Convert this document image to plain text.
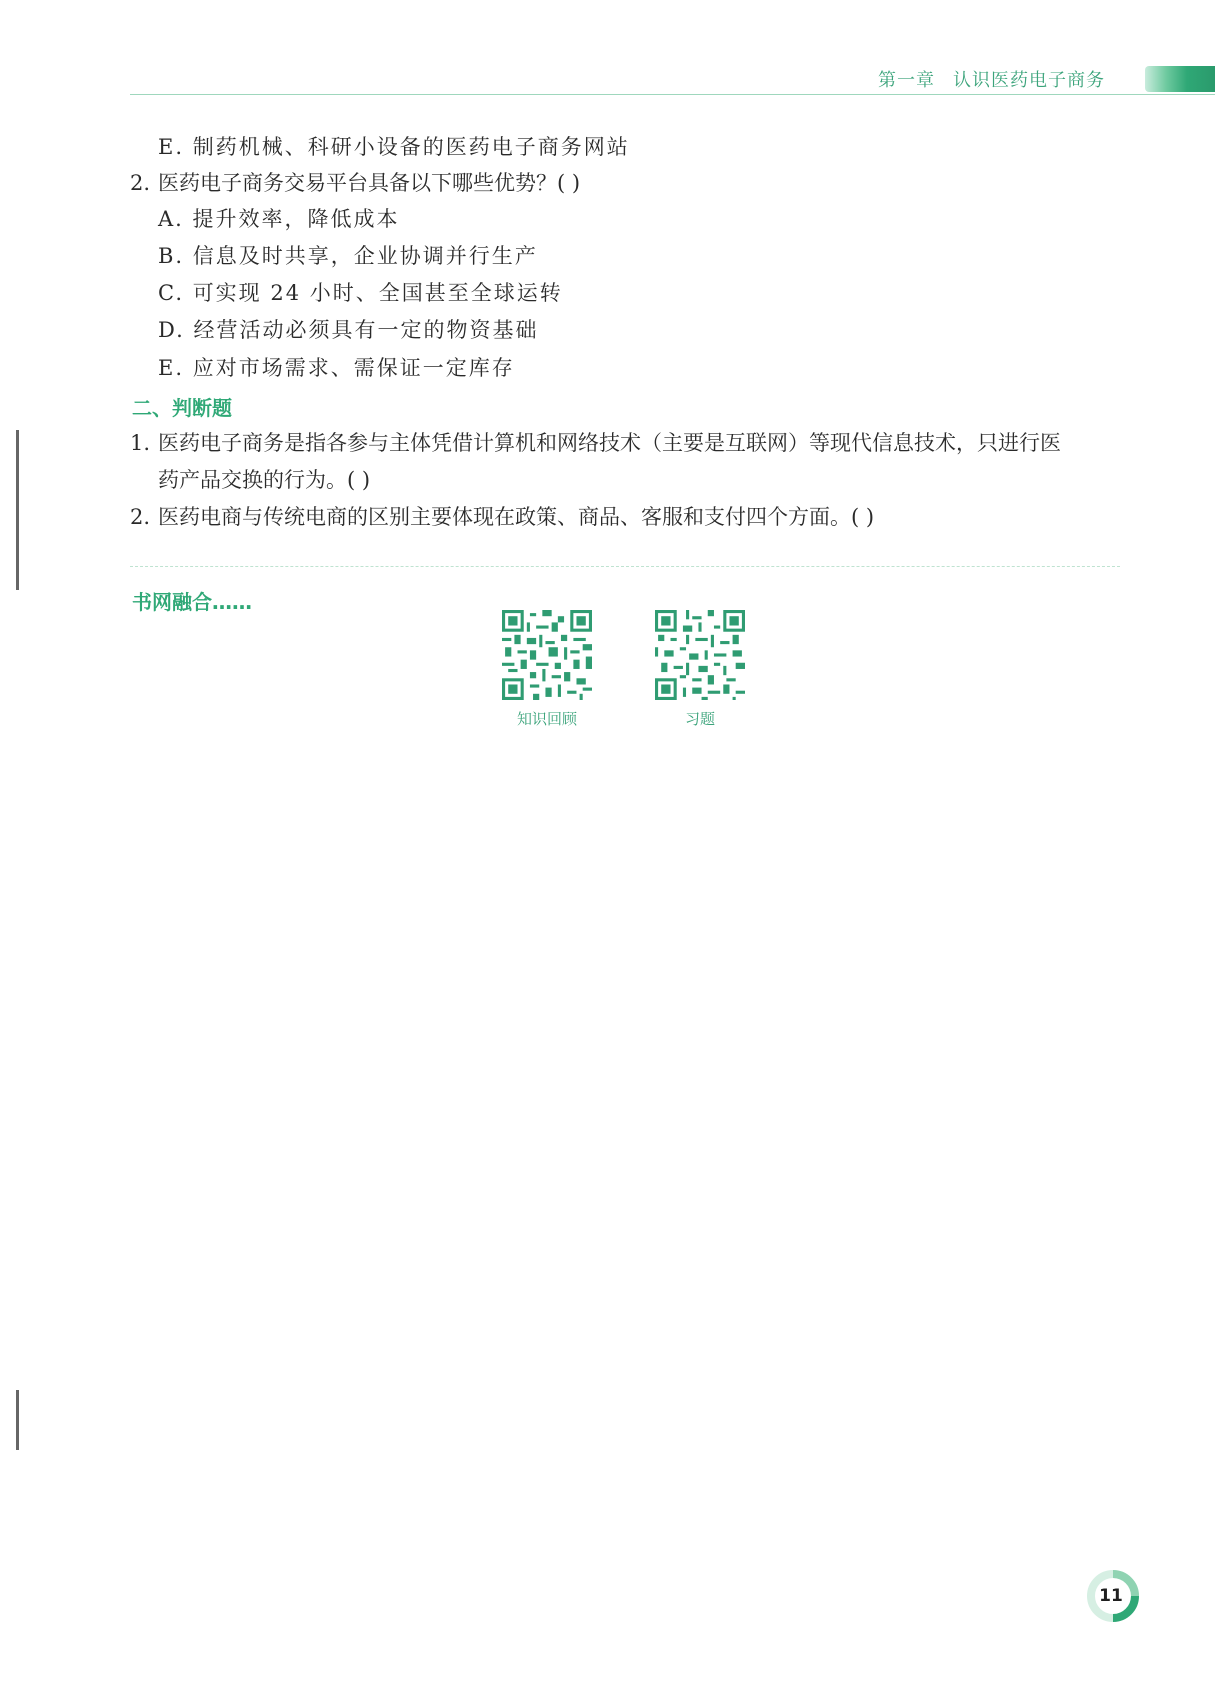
第一章 认识医药电子商务
E. 制药机械、科研小设备的医药电子商务网站
2. 医药电子商务交易平台具备以下哪些优势？( )
A. 提升效率，降低成本
B. 信息及时共享，企业协调并行生产
C. 可实现 24 小时、全国甚至全球运转
D. 经营活动必须具有一定的物资基础
E. 应对市场需求、需保证一定库存
二、判断题
1. 医药电子商务是指各参与主体凭借计算机和网络技术（主要是互联网）等现代信息技术，只进行医
药产品交换的行为。( )
2. 医药电商与传统电商的区别主要体现在政策、商品、客服和支付四个方面。( )
书网融合……
知识回顾	习题
11
